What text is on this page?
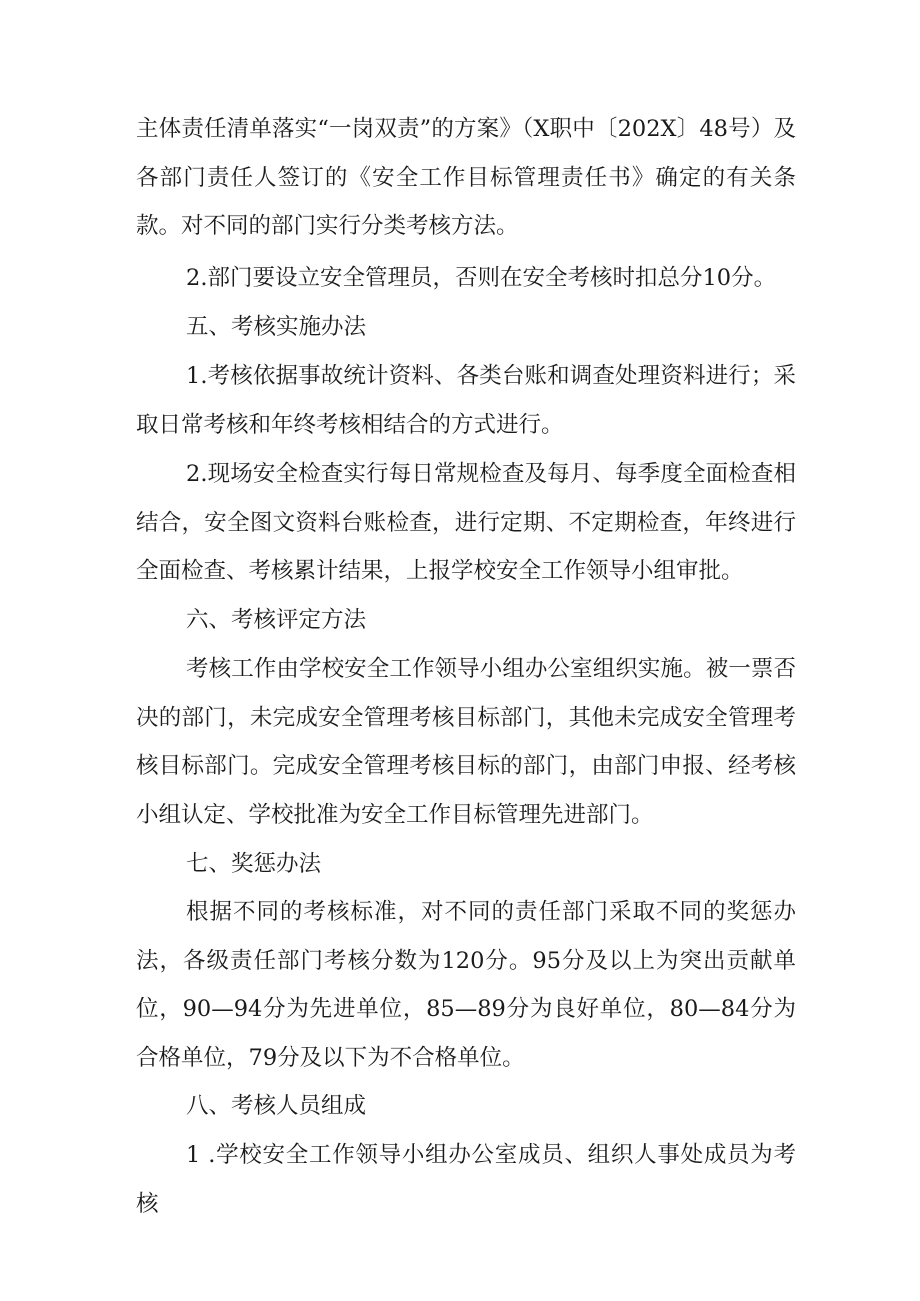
主体责任清单落实“一岗双责”的方案》（X职中〔202X〕48号）及各部门责任人签订的《安全工作目标管理责任书》确定的有关条款。对不同的部门实行分类考核方法。

2.部门要设立安全管理员，否则在安全考核时扣总分10分。

五、考核实施办法

1.考核依据事故统计资料、各类台账和调查处理资料进行；采取日常考核和年终考核相结合的方式进行。

2.现场安全检查实行每日常规检查及每月、每季度全面检查相结合，安全图文资料台账检查，进行定期、不定期检查，年终进行全面检查、考核累计结果，上报学校安全工作领导小组审批。

六、考核评定方法

考核工作由学校安全工作领导小组办公室组织实施。被一票否决的部门，未完成安全管理考核目标部门，其他未完成安全管理考核目标部门。完成安全管理考核目标的部门，由部门申报、经考核小组认定、学校批准为安全工作目标管理先进部门。

七、奖惩办法

根据不同的考核标准，对不同的责任部门采取不同的奖惩办法，各级责任部门考核分数为120分。95分及以上为突出贡献单位，90—94分为先进单位，85—89分为良好单位，80—84分为合格单位，79分及以下为不合格单位。

八、考核人员组成

1 .学校安全工作领导小组办公室成员、组织人事处成员为考核
